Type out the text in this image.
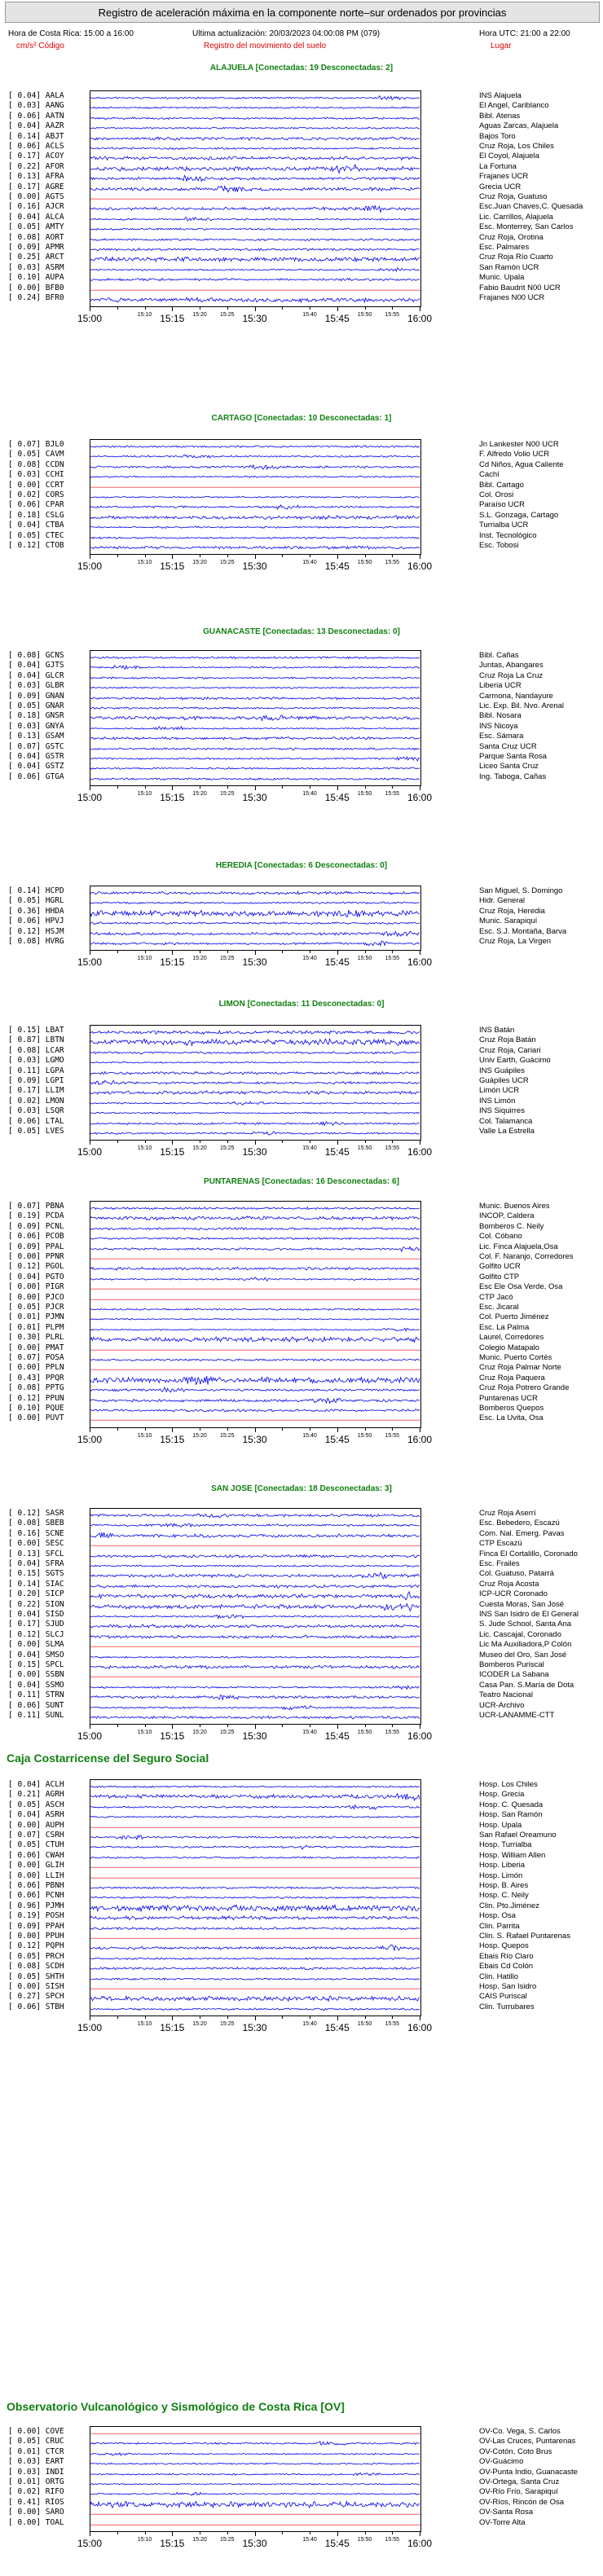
Registro de aceleración máxima en la componente norte–sur ordenados por provincias
Hora de Costa Rica: 15:00 a 16:00	Ultima actualización: 20/03/2023 04:00:08 PM (079)	Hora UTC: 21:00 a 22:00
cm/s² Código	Registro del movimiento del suelo	Lugar
ALAJUELA [Conectadas: 19 Desconectadas: 2]
[ 0.04] AALA	INS Alajuela
[ 0.03] AANG	El Angel, Cariblanco
[ 0.06] AATN	Bibl. Atenas
[ 0.04] AAZR	Aguas Zarcas, Alajuela
[ 0.14] ABJT	Bajos Toro
[ 0.06] ACLS	Cruz Roja, Los Chiles
[ 0.17] ACOY	El Coyol, Alajuela
[ 0.22] AFOR	La Fortuna
[ 0.13] AFRA	Frajanes UCR
[ 0.17] AGRE	Grecia UCR
[ 0.00] AGTS	Cruz Roja, Guatuso
[ 0.16] AJCR	Esc.Juan Chaves,C. Quesada
[ 0.04] ALCA	Lic. Carrillos, Alajuela
[ 0.05] AMTY	Esc. Monterrey, San Carlos
[ 0.08] AORT	Cruz Roja, Orotina
[ 0.09] APMR	Esc. Palmares
[ 0.25] ARCT	Cruz Roja Río Cuarto
[ 0.03] ASRM	San Ramón UCR
[ 0.10] AUPA	Munic. Upala
[ 0.00] BFB0	Fabio Baudrit N00 UCR
[ 0.24] BFR0	Frajanes N00 UCR
15:00	15:15	15:30	15:45	16:00
15:10	15:20 15:25	15:40	15:50 15:55
CARTAGO [Conectadas: 10 Desconectadas: 1]
[ 0.07] BJL0	Jn Lankester N00 UCR
[ 0.05] CAVM	F. Alfredo Volio UCR
[ 0.08] CCDN	Cd Niños, Agua Caliente
[ 0.03] CCHI	Cachí
[ 0.00] CCRT	Bibl. Cartago
[ 0.02] CORS	Col. Orosi
[ 0.06] CPAR	Paraíso UCR
[ 0.18] CSLG	S.L. Gonzaga, Cartago
[ 0.04] CTBA	Turrialba UCR
[ 0.05] CTEC	Inst. Tecnológico
[ 0.12] CTOB	Esc. Tobosi
15:00	15:15	15:30	15:45	16:00
15:10	15:20 15:25	15:40	15:50 15:55
GUANACASTE [Conectadas: 13 Desconectadas: 0]
[ 0.08] GCNS	Bibl. Cañas
[ 0.04] GJTS	Juntas, Abangares
[ 0.04] GLCR	Cruz Roja La Cruz
[ 0.03] GLBR	Liberia UCR
[ 0.09] GNAN	Carmona, Nandayure
[ 0.05] GNAR	Lic. Exp. Bil. Nvo. Arenal
[ 0.18] GNSR	Bibl. Nosara
[ 0.03] GNYA	INS Nicoya
[ 0.13] GSAM	Esc. Sámara
[ 0.07] GSTC	Santa Cruz UCR
[ 0.04] GSTR	Parque Santa Rosa
[ 0.04] GSTZ	Liceo Santa Cruz
[ 0.06] GTGA	Ing. Taboga, Cañas
15:00	15:15	15:30	15:45	16:00
15:10	15:20 15:25	15:40	15:50 15:55
HEREDIA [Conectadas: 6 Desconectadas: 0]
[ 0.14] HCPD	San Miguel, S. Domingo
[ 0.05] HGRL	Hidr. General
[ 0.36] HHDA	Cruz Roja, Heredia
[ 0.06] HPVJ	Munic. Sarapiquí
[ 0.12] HSJM	Esc. S.J. Montaña, Barva
[ 0.08] HVRG	Cruz Roja, La Virgen
15:00	15:15	15:30	15:45	16:00
15:10	15:20 15:25	15:40	15:50 15:55
LIMON [Conectadas: 11 Desconectadas: 0]
[ 0.15] LBAT	INS Batán
[ 0.87] LBTN	Cruz Roja Batán
[ 0.08] LCAR	Cruz Roja, Cariari
[ 0.03] LGMO	Univ Earth, Guácimo
[ 0.11] LGPA	INS Guápiles
[ 0.09] LGPI	Guápiles UCR
[ 0.17] LLIM	Limón UCR
[ 0.02] LMON	INS Limón
[ 0.03] LSQR	INS Siquirres
[ 0.06] LTAL	Col. Talamanca
[ 0.05] LVES	Valle La Estrella
15:00	15:15	15:30	15:45	16:00
15:10	15:20 15:25	15:40	15:50 15:55
PUNTARENAS [Conectadas: 16 Desconectadas: 6]
[ 0.07] PBNA	Munic. Buenos Aires
[ 0.19] PCDA	INCOP, Caldera
[ 0.09] PCNL	Bomberos C. Neily
[ 0.06] PCOB	Col. Cóbano
[ 0.09] PPAL	Lic. Finca Alajuela,Osa
[ 0.00] PPNR	Col. F. Naranjo, Corredores
[ 0.12] PGOL	Golfito UCR
[ 0.04] PGTO	Golfito CTP
[ 0.00] PIGR	Esc Ele Osa Verde, Osa
[ 0.00] PJCO	CTP Jacó
[ 0.05] PJCR	Esc. Jicaral
[ 0.01] PJMN	Col. Puerto Jiménez
[ 0.01] PLPM	Esc. La Palma
[ 0.30] PLRL	Laurel, Corredores
[ 0.00] PMAT	Colegio Matapalo
[ 0.07] POSA	Munic. Puerto Cortés
[ 0.00] PPLN	Cruz Roja Palmar Norte
[ 0.43] PPQR	Cruz Roja Paquera
[ 0.08] PPTG	Cruz Roja Potrero Grande
[ 0.12] PPUN	Puntarenas UCR
[ 0.10] PQUE	Bomberos Quepos
[ 0.00] PUVT	Esc. La Uvita, Osa
15:00	15:15	15:30	15:45	16:00
15:10	15:20 15:25	15:40	15:50 15:55
SAN JOSE [Conectadas: 18 Desconectadas: 3]
[ 0.12] SASR	Cruz Roja Aserrí
[ 0.08] SBEB	Esc. Bebedero, Escazú
[ 0.16] SCNE	Com. Nal. Emerg. Pavas
[ 0.00] SESC	CTP Escazú
[ 0.13] SFCL	Finca El Cortalillo, Coronado
[ 0.04] SFRA	Esc. Frailes
[ 0.15] SGTS	Col. Guatuso, Patarrá
[ 0.14] SIAC	Cruz Roja Acosta
[ 0.20] SICP	ICP-UCR Coronado
[ 0.22] SION	Cuesta Moras, San José
[ 0.04] SISD	INS San Isidro de El General
[ 0.17] SJUD	S. Jude School, Santa Ana
[ 0.12] SLCJ	Lic. Cascajal, Coronado
[ 0.00] SLMA	Lic Ma Auxiliadora,P Colón
[ 0.04] SMSO	Museo del Oro, San José
[ 0.15] SPCL	Bomberos Puriscal
[ 0.00] SSBN	ICODER La Sabana
[ 0.04] SSMO	Casa Pan. S.María de Dota
[ 0.11] STRN	Teatro Nacional
[ 0.06] SUNT	UCR-Archivo
[ 0.11] SUNL	UCR-LANAMME-CTT
15:00	15:15	15:30	15:45	16:00
15:10	15:20 15:25	15:40	15:50 15:55
Caja Costarricense del Seguro Social
[ 0.04] ACLH	Hosp. Los Chiles
[ 0.21] AGRH	Hosp. Grecia
[ 0.05] ASCH	Hosp. C. Quesada
[ 0.04] ASRH	Hosp. San Ramón
[ 0.00] AUPH	Hosp. Upala
[ 0.07] CSRH	San Rafael Oreamuno
[ 0.05] CTUH	Hosp. Turrialba
[ 0.06] CWAH	Hosp. William Allen
[ 0.00] GLIH	Hosp. Liberia
[ 0.00] LLIH	Hosp. Limón
[ 0.06] PBNH	Hosp. B. Aires
[ 0.06] PCNH	Hosp. C. Neily
[ 0.96] PJMH	Clin. Pto.Jiménez
[ 0.19] POSH	Hosp. Osa
[ 0.09] PPAH	Clin. Parrita
[ 0.00] PPUH	Clin. S. Rafael Puntarenas
[ 0.12] PQPH	Hosp. Quepos
[ 0.05] PRCH	Ebais Río Claro
[ 0.08] SCDH	Ebais Cd Colón
[ 0.05] SHTH	Clin. Hatillo
[ 0.00] SISH	Hosp. San Isidro
[ 0.27] SPCH	CAIS Puriscal
[ 0.06] STBH	Clin. Turrubares
15:00	15:15	15:30	15:45	16:00
15:10	15:20 15:25	15:40	15:50 15:55
Observatorio Vulcanológico y Sismológico de Costa Rica [OV]
[ 0.00] COVE	OV-Co. Vega, S. Carlos
[ 0.05] CRUC	OV-Las Cruces, Puntarenas
[ 0.01] CTCR	OV-Cotón, Coto Brus
[ 0.03] EART	OV-Guácimo
[ 0.03] INDI	OV-Punta Indio, Guanacaste
[ 0.01] ORTG	OV-Ortega, Santa Cruz
[ 0.02] RIFO	OV-Río Frío, Sarapiquí
[ 0.41] RIOS	OV-Ríos, Rincón de Osa
[ 0.00] SARO	OV-Santa Rosa
[ 0.00] TOAL	OV-Torre Alta
15:00	15:15	15:30	15:45	16:00
15:10	15:20 15:25	15:40	15:50 15:55
